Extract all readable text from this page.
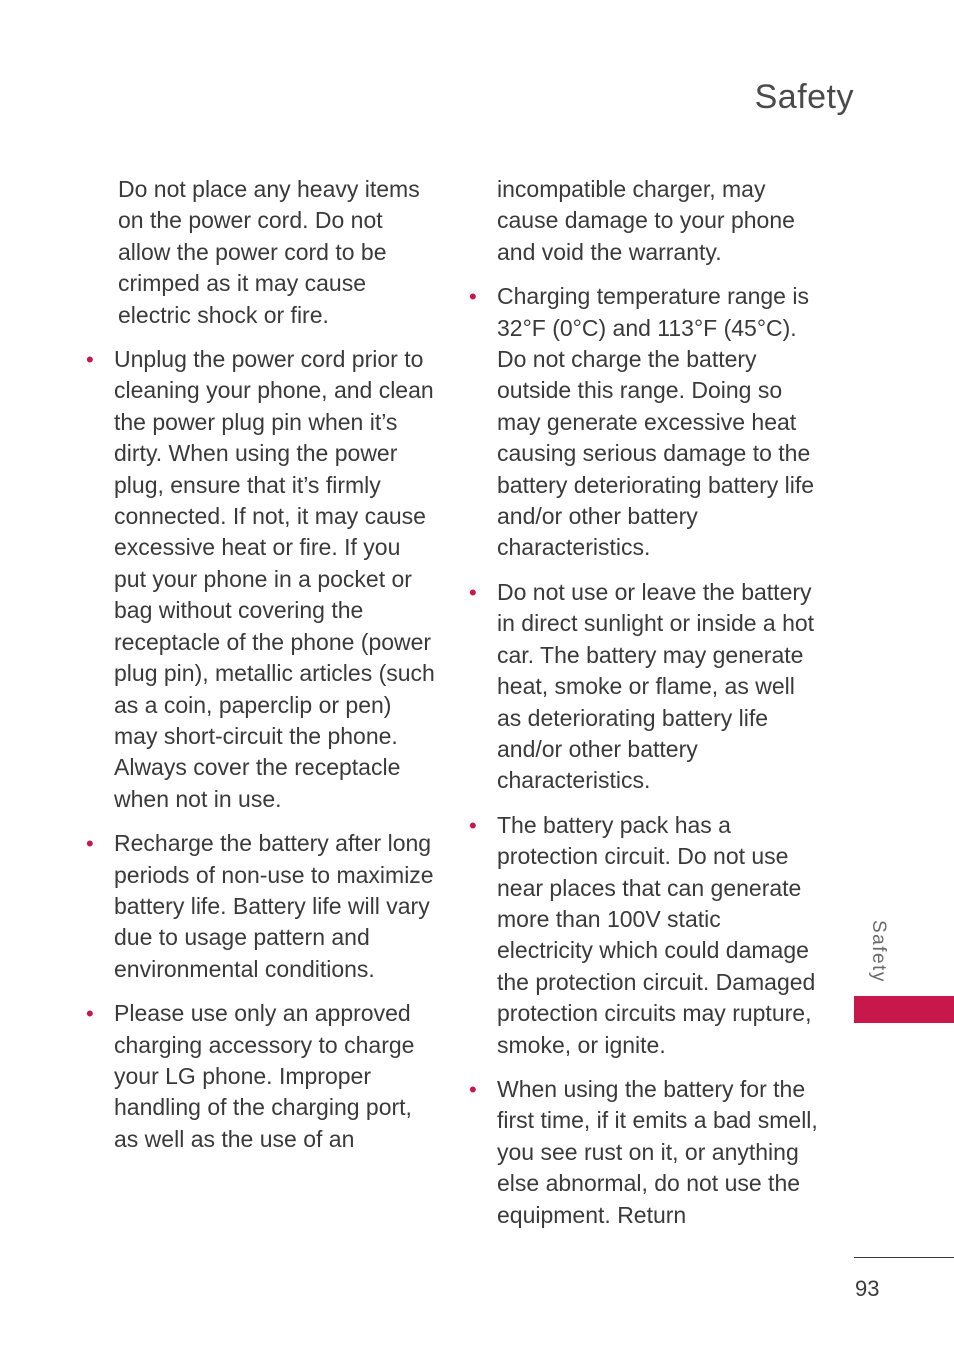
Safety

Do not place any heavy items on the power cord. Do not allow the power cord to be crimped as it may cause electric shock or fire.

• Unplug the power cord prior to cleaning your phone, and clean the power plug pin when it’s dirty. When using the power plug, ensure that it’s firmly connected. If not, it may cause excessive heat or fire. If you put your phone in a pocket or bag without covering the receptacle of the phone (power plug pin), metallic articles (such as a coin, paperclip or pen) may short-circuit the phone. Always cover the receptacle when not in use.

• Recharge the battery after long periods of non-use to maximize battery life. Battery life will vary due to usage pattern and environmental conditions.

• Please use only an approved charging accessory to charge your LG phone. Improper handling of the charging port, as well as the use of an

incompatible charger, may cause damage to your phone and void the warranty.

• Charging temperature range is 32°F (0°C) and 113°F (45°C). Do not charge the battery outside this range. Doing so may generate excessive heat causing serious damage to the battery deteriorating battery life and/or other battery characteristics.

• Do not use or leave the battery in direct sunlight or inside a hot car. The battery may generate heat, smoke or flame, as well as deteriorating battery life and/or other battery characteristics.

• The battery pack has a protection circuit. Do not use near places that can generate more than 100V static electricity which could damage the protection circuit. Damaged protection circuits may rupture, smoke, or ignite.

• When using the battery for the first time, if it emits a bad smell, you see rust on it, or anything else abnormal, do not use the equipment. Return

Safety
93
